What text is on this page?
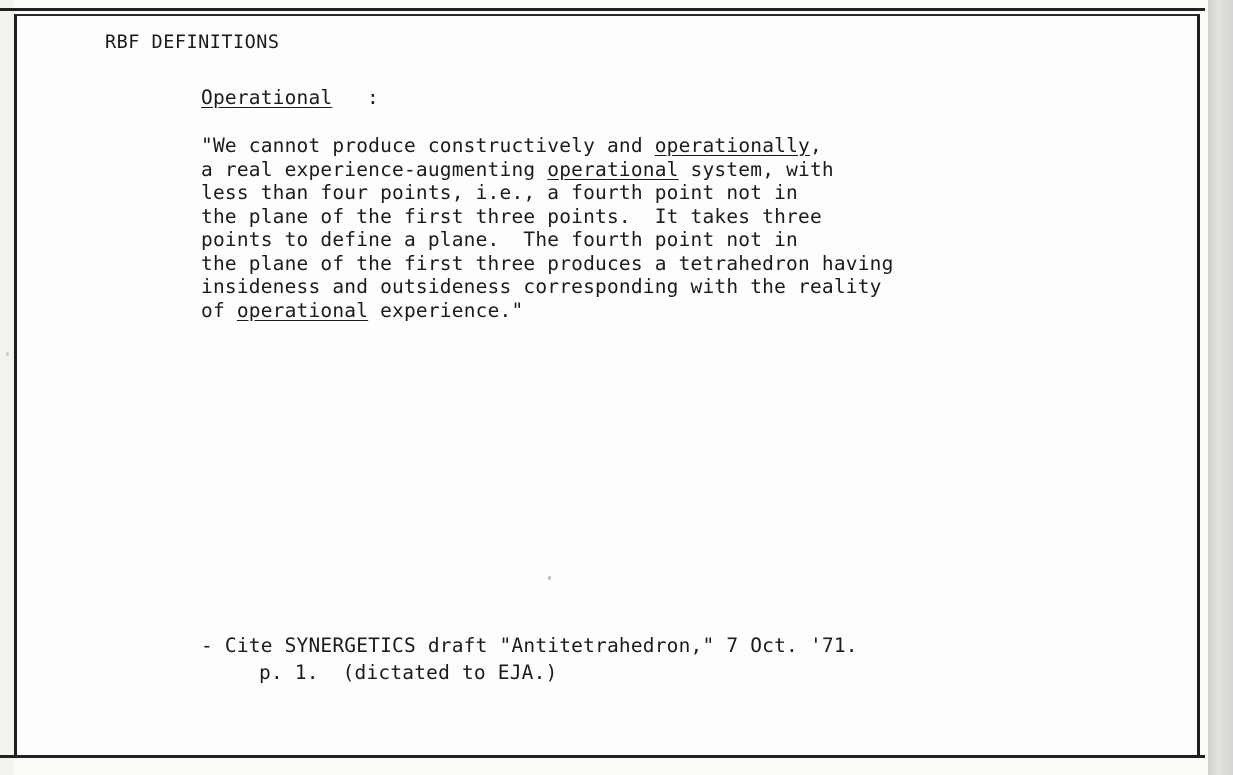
RBF DEFINITIONS
Operational :
"We cannot produce constructively and operationally,
a real experience-augmenting operational system, with
less than four points, i.e., a fourth point not in
the plane of the first three points.  It takes three
points to define a plane.  The fourth point not in
the plane of the first three produces a tetrahedron having
insideness and outsideness corresponding with the reality
of operational experience."
- Cite SYNERGETICS draft "Antitetrahedron," 7 Oct. '71.
p. 1.  (dictated to EJA.)
